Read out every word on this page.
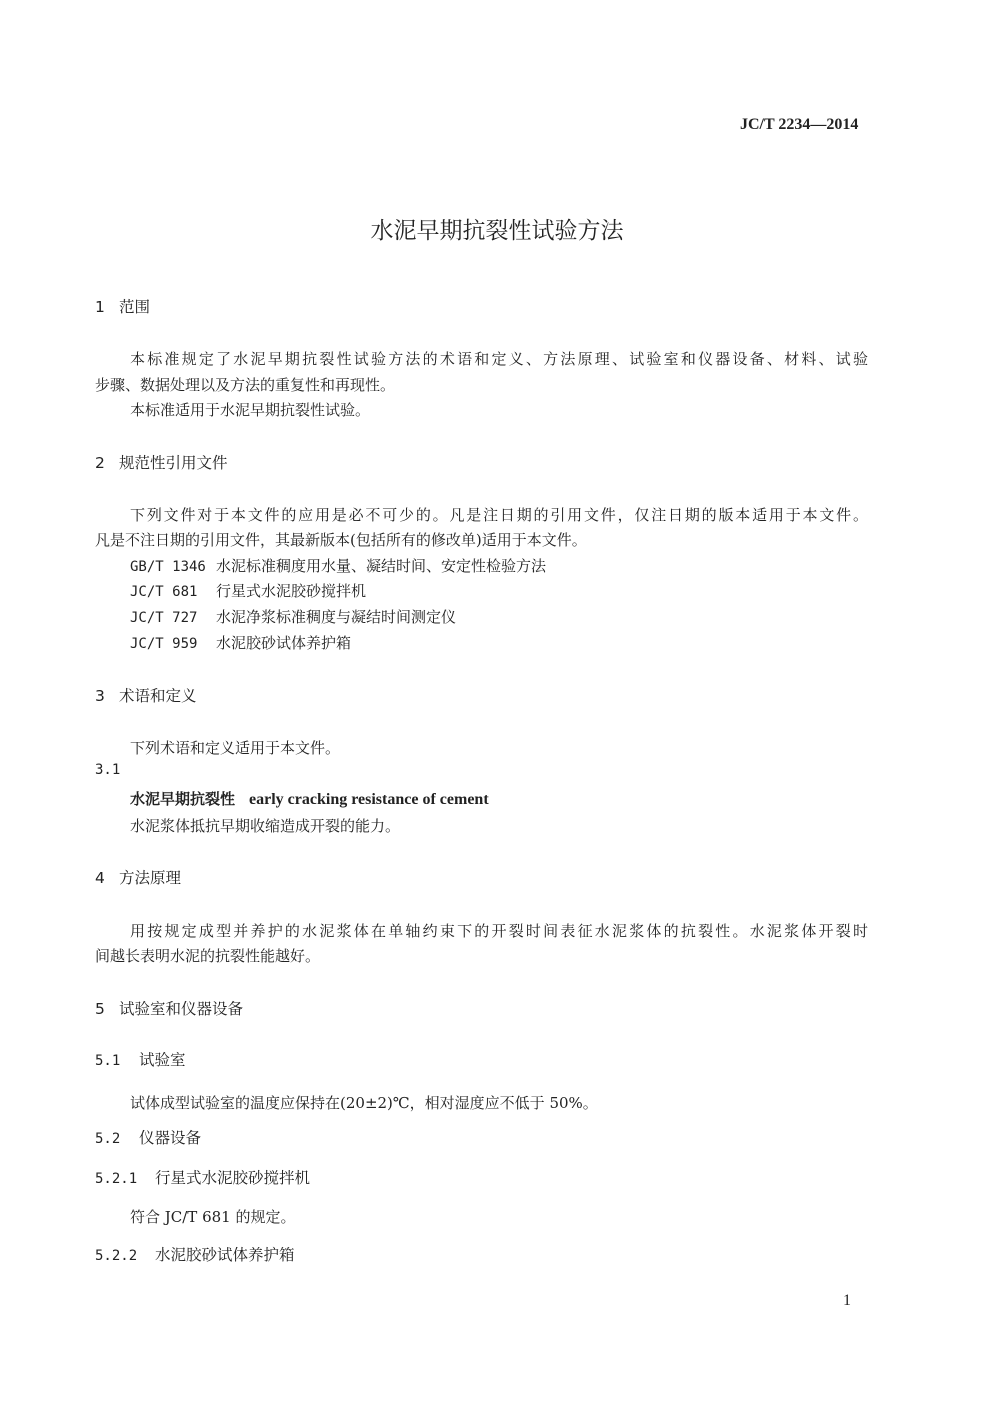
JC/T 2234—2014
水泥早期抗裂性试验方法
1 范围
本标准规定了水泥早期抗裂性试验方法的术语和定义、方法原理、试验室和仪器设备、材料、试验
步骤、数据处理以及方法的重复性和再现性。
本标准适用于水泥早期抗裂性试验。
2 规范性引用文件
下列文件对于本文件的应用是必不可少的。凡是注日期的引用文件，仅注日期的版本适用于本文件。
凡是不注日期的引用文件，其最新版本(包括所有的修改单)适用于本文件。
GB/T 1346 水泥标准稠度用水量、凝结时间、安定性检验方法
JC/T 681 行星式水泥胶砂搅拌机
JC/T 727 水泥净浆标准稠度与凝结时间测定仪
JC/T 959 水泥胶砂试体养护箱
3 术语和定义
下列术语和定义适用于本文件。
3.1
水泥早期抗裂性 early cracking resistance of cement
水泥浆体抵抗早期收缩造成开裂的能力。
4 方法原理
用按规定成型并养护的水泥浆体在单轴约束下的开裂时间表征水泥浆体的抗裂性。水泥浆体开裂时
间越长表明水泥的抗裂性能越好。
5 试验室和仪器设备
5.1 试验室
试体成型试验室的温度应保持在(20±2)℃，相对湿度应不低于 50%。
5.2 仪器设备
5.2.1 行星式水泥胶砂搅拌机
符合 JC/T 681 的规定。
5.2.2 水泥胶砂试体养护箱
1
